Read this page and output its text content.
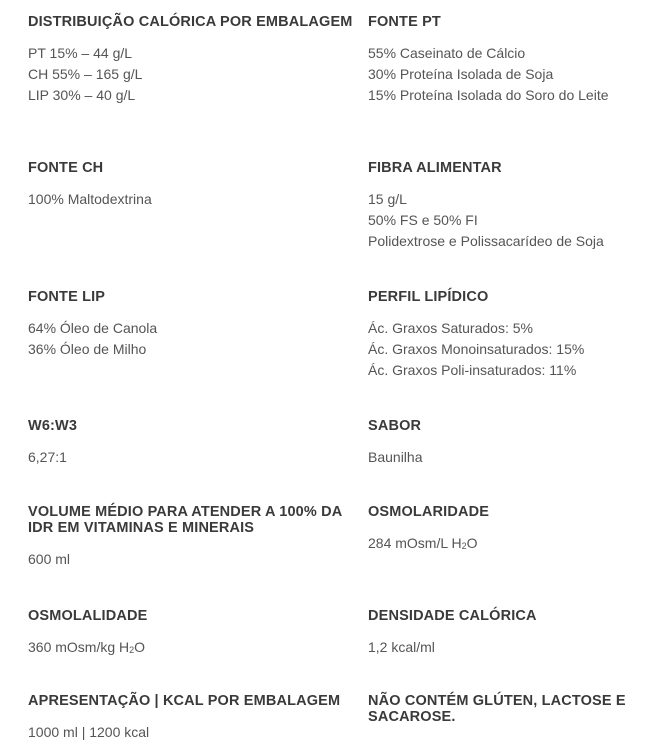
DISTRIBUIÇÃO CALÓRICA POR EMBALAGEM

PT 15% – 44 g/L

CH 55% – 165 g/L

LIP 30% – 40 g/L

FONTE PT

55% Caseinato de Cálcio

30% Proteína Isolada de Soja

15% Proteína Isolada do Soro do Leite

FONTE CH

100% Maltodextrina

FIBRA ALIMENTAR

15 g/L

50% FS e 50% FI

Polidextrose e Polissacarídeo de Soja

FONTE LIP

64% Óleo de Canola

36% Óleo de Milho

PERFIL LIPÍDICO

Ác. Graxos Saturados: 5%

Ác. Graxos Monoinsaturados: 15%

Ác. Graxos Poli-insaturados: 11%

W6:W3

6,27:1

SABOR

Baunilha

VOLUME MÉDIO PARA ATENDER A 100% DA IDR EM VITAMINAS E MINERAIS

600 ml

OSMOLARIDADE

284 mOsm/L $H_2O$

OSMOLALIDADE

360 mOsm/kg $H_2O$

DENSIDADE CALÓRICA

1,2 kcal/ml

APRESENTAÇÃO | KCAL POR EMBALAGEM

1000 ml | 1200 kcal

NÃO CONTÉM GLÚTEN, LACTOSE E SACAROSE.
